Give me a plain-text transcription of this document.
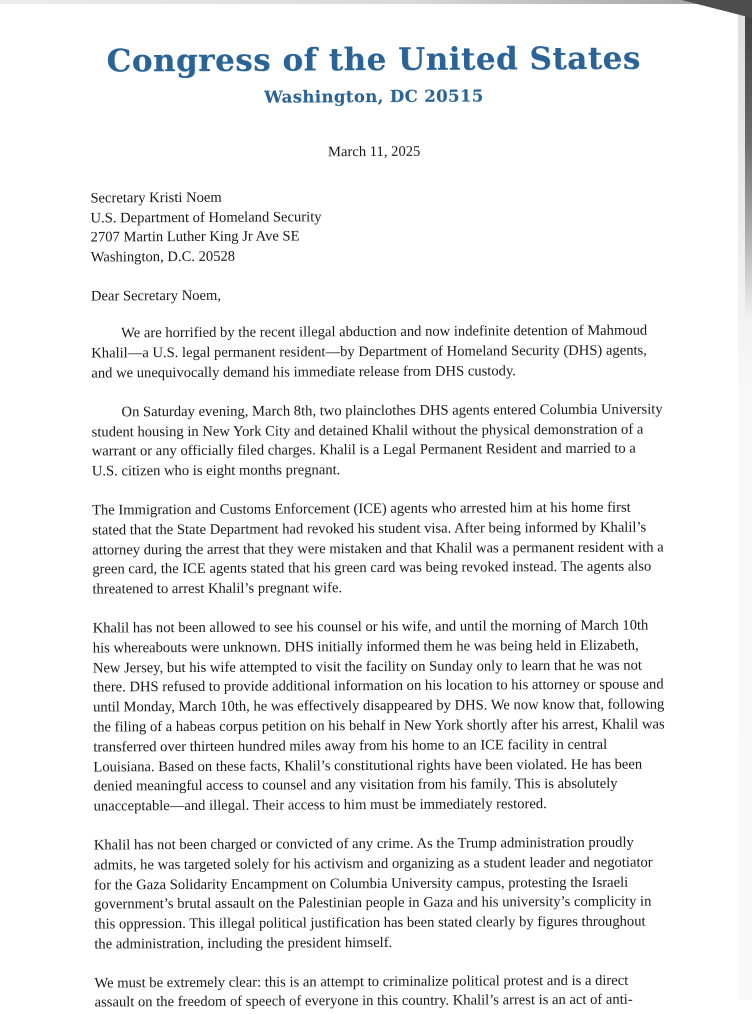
Congress of the United States
Washington, DC 20515
March 11, 2025
Secretary Kristi Noem
U.S. Department of Homeland Security
2707 Martin Luther King Jr Ave SE
Washington, D.C. 20528
Dear Secretary Noem,

We are horrified by the recent illegal abduction and now indefinite detention of Mahmoud Khalil—a U.S. legal permanent resident—by Department of Homeland Security (DHS) agents, and we unequivocally demand his immediate release from DHS custody.

On Saturday evening, March 8th, two plainclothes DHS agents entered Columbia University student housing in New York City and detained Khalil without the physical demonstration of a warrant or any officially filed charges. Khalil is a Legal Permanent Resident and married to a U.S. citizen who is eight months pregnant.

The Immigration and Customs Enforcement (ICE) agents who arrested him at his home first stated that the State Department had revoked his student visa. After being informed by Khalil’s attorney during the arrest that they were mistaken and that Khalil was a permanent resident with a green card, the ICE agents stated that his green card was being revoked instead. The agents also threatened to arrest Khalil’s pregnant wife.

Khalil has not been allowed to see his counsel or his wife, and until the morning of March 10th his whereabouts were unknown. DHS initially informed them he was being held in Elizabeth, New Jersey, but his wife attempted to visit the facility on Sunday only to learn that he was not there. DHS refused to provide additional information on his location to his attorney or spouse and until Monday, March 10th, he was effectively disappeared by DHS. We now know that, following the filing of a habeas corpus petition on his behalf in New York shortly after his arrest, Khalil was transferred over thirteen hundred miles away from his home to an ICE facility in central Louisiana. Based on these facts, Khalil’s constitutional rights have been violated. He has been denied meaningful access to counsel and any visitation from his family. This is absolutely unacceptable—and illegal. Their access to him must be immediately restored.

Khalil has not been charged or convicted of any crime. As the Trump administration proudly admits, he was targeted solely for his activism and organizing as a student leader and negotiator for the Gaza Solidarity Encampment on Columbia University campus, protesting the Israeli government’s brutal assault on the Palestinian people in Gaza and his university’s complicity in this oppression. This illegal political justification has been stated clearly by figures throughout the administration, including the president himself.

We must be extremely clear: this is an attempt to criminalize political protest and is a direct assault on the freedom of speech of everyone in this country. Khalil’s arrest is an act of anti-
